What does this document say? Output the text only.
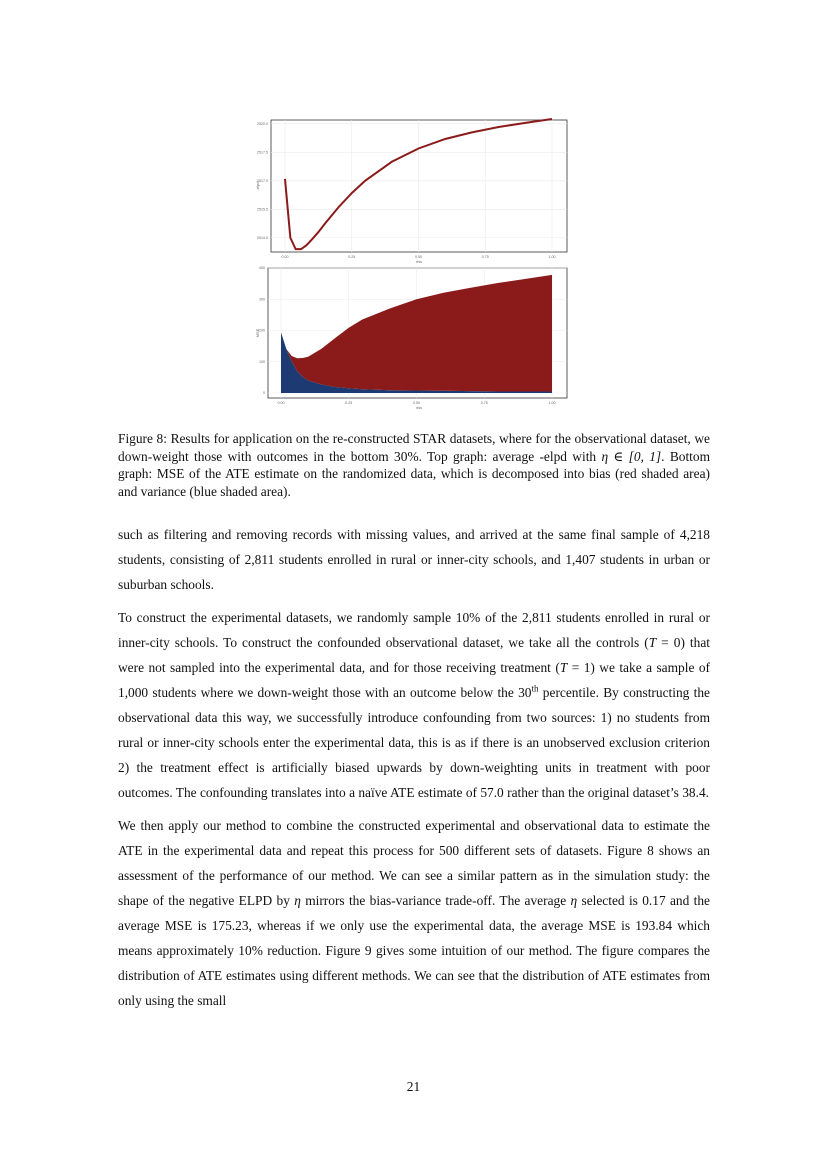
2514.0
2515.5
2517.0
2517.5
2520.0
0.00	0.25	0.50	0.75	1.00
eta
-elpd
0
100
200
300
400
0.00	0.25	0.50	0.75	1.00
eta
MSE
Figure 8: Results for application on the re-constructed STAR datasets, where for the observational dataset, we down-weight those with outcomes in the bottom 30%. Top graph: average -elpd with η ∈ [0, 1]. Bottom graph: MSE of the ATE estimate on the randomized data, which is decomposed into bias (red shaded area) and variance (blue shaded area).

such as filtering and removing records with missing values, and arrived at the same final sample of 4,218 students, consisting of 2,811 students enrolled in rural or inner-city schools, and 1,407 students in urban or suburban schools.

To construct the experimental datasets, we randomly sample 10% of the 2,811 students enrolled in rural or inner-city schools. To construct the confounded observational dataset, we take all the controls (T = 0) that were not sampled into the experimental data, and for those receiving treatment (T = 1) we take a sample of 1,000 students where we down-weight those with an outcome below the 30th percentile. By constructing the observational data this way, we successfully introduce confounding from two sources: 1) no students from rural or inner-city schools enter the experimental data, this is as if there is an unobserved exclusion criterion 2) the treatment effect is artificially biased upwards by down-weighting units in treatment with poor outcomes. The confounding translates into a naïve ATE estimate of 57.0 rather than the original dataset’s 38.4.

We then apply our method to combine the constructed experimental and observational data to estimate the ATE in the experimental data and repeat this process for 500 different sets of datasets. Figure 8 shows an assessment of the performance of our method. We can see a similar pattern as in the simulation study: the shape of the negative ELPD by η mirrors the bias-variance trade-off. The average η selected is 0.17 and the average MSE is 175.23, whereas if we only use the experimental data, the average MSE is 193.84 which means approximately 10% reduction. Figure 9 gives some intuition of our method. The figure compares the distribution of ATE estimates using different methods. We can see that the distribution of ATE estimates from only using the small

21
